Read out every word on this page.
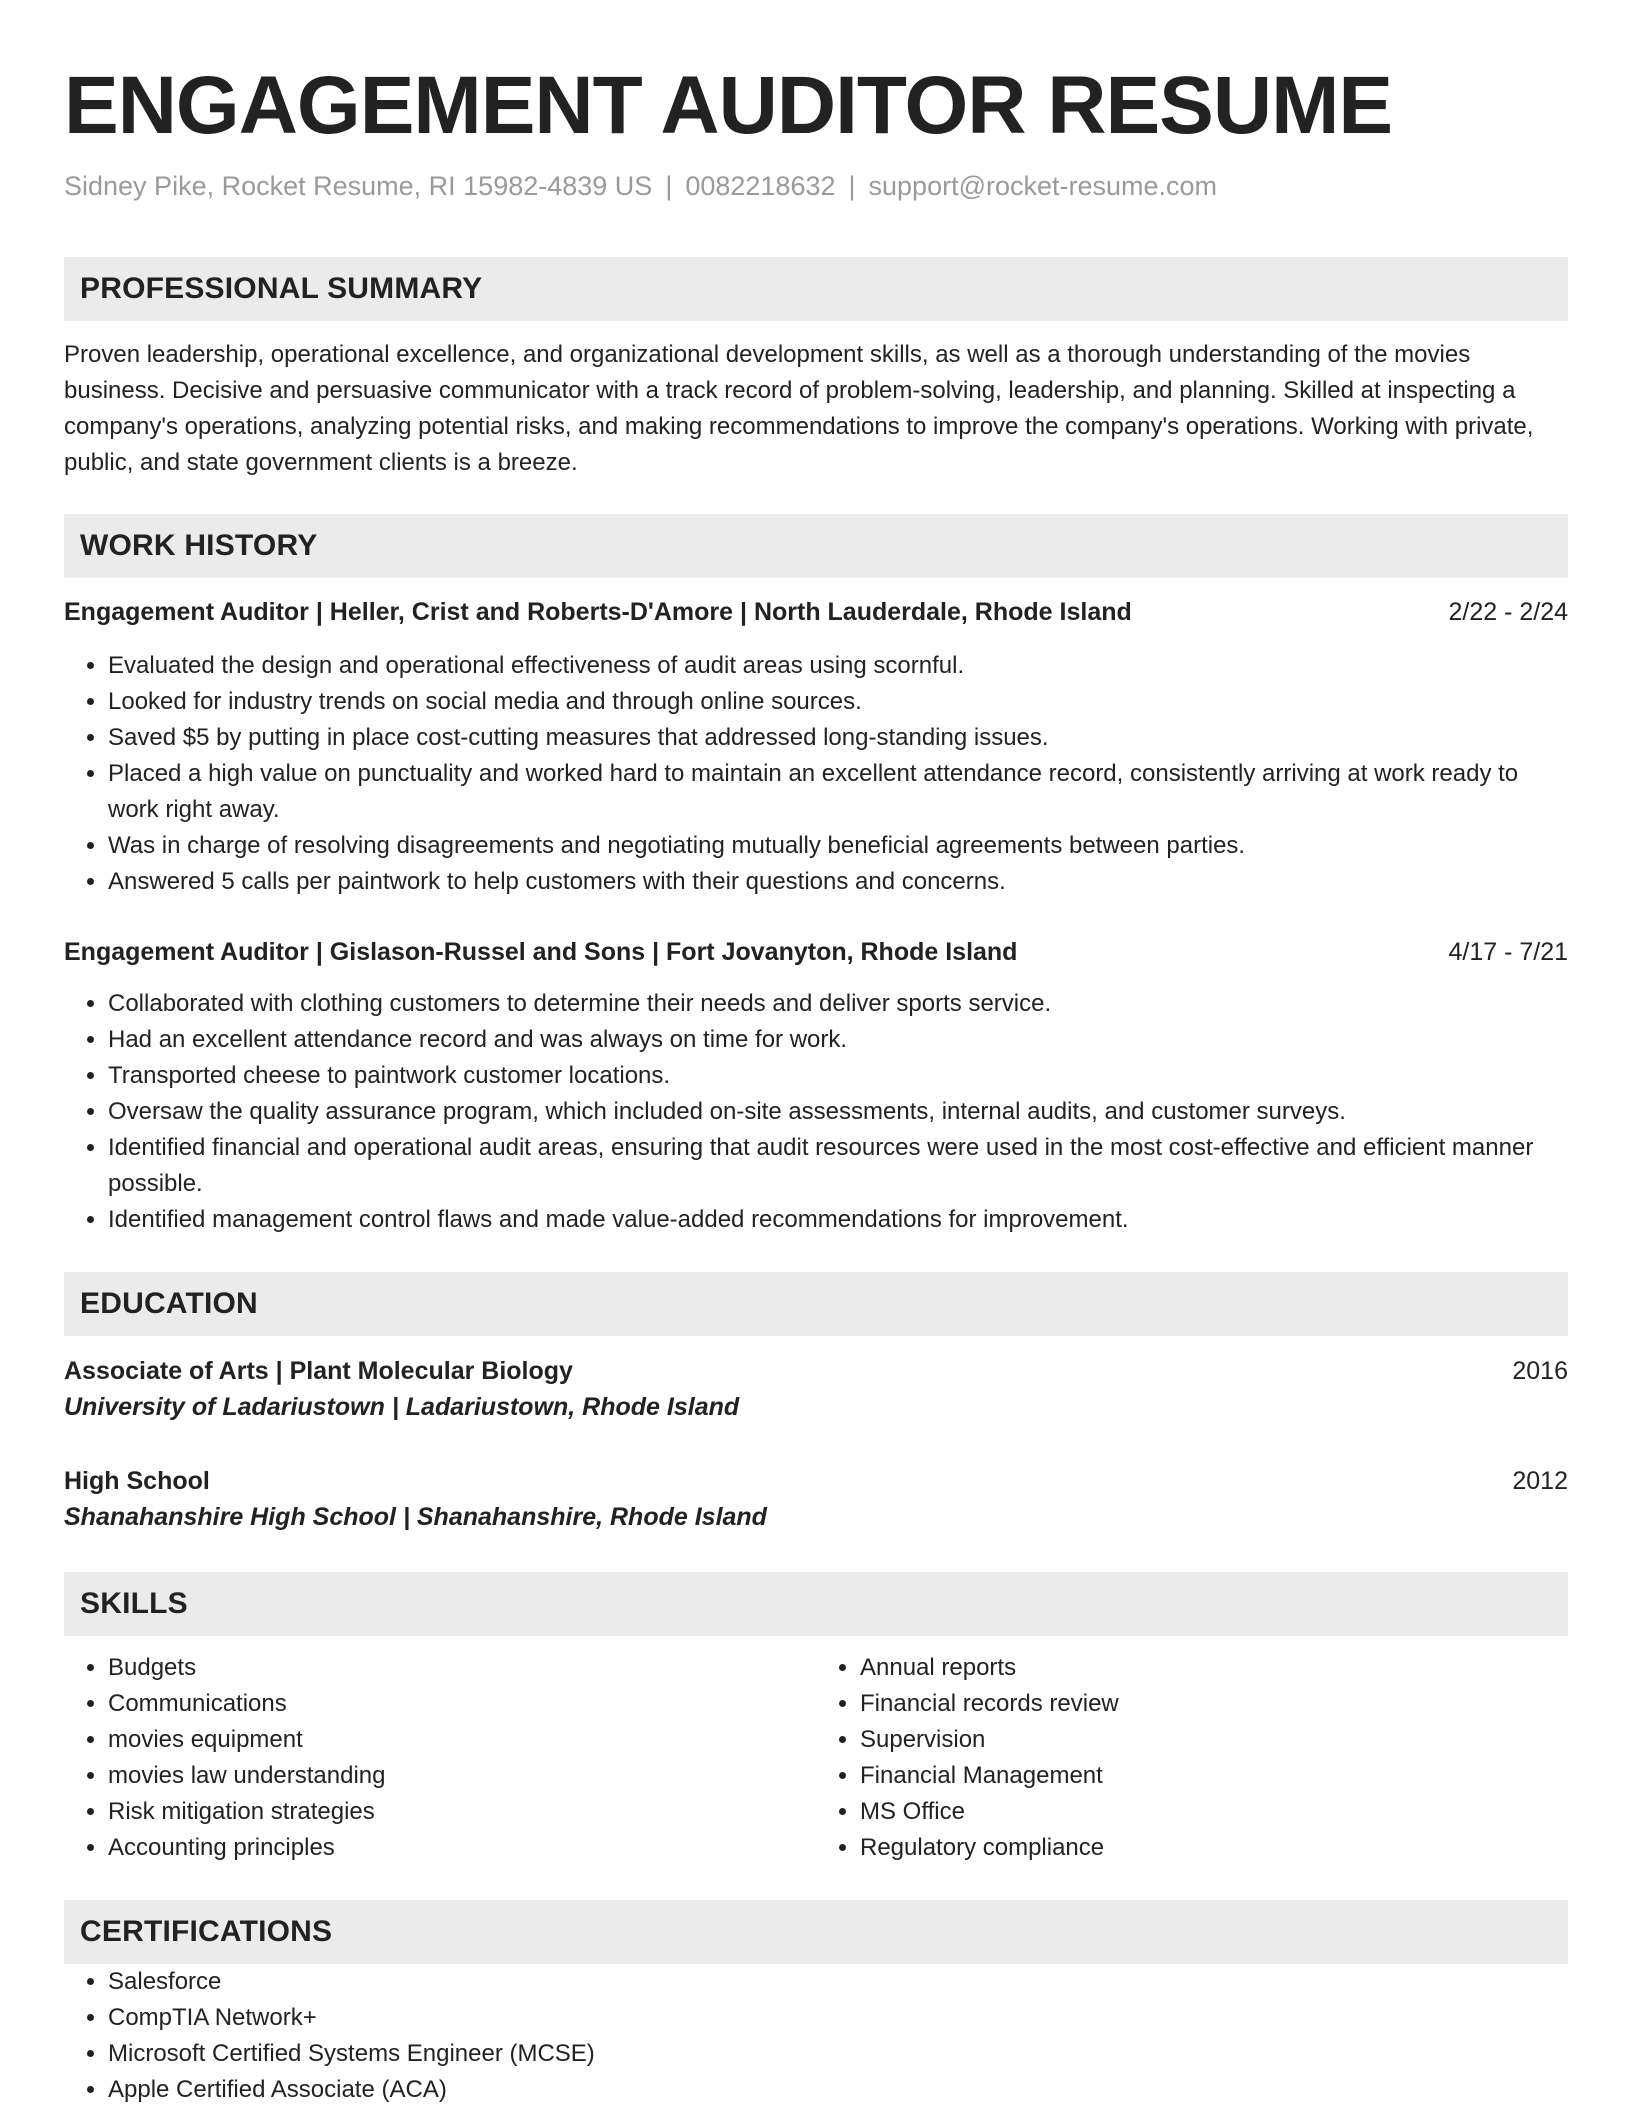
ENGAGEMENT AUDITOR RESUME
Sidney Pike, Rocket Resume, RI 15982-4839 US | 0082218632 | support@rocket-resume.com
PROFESSIONAL SUMMARY
Proven leadership, operational excellence, and organizational development skills, as well as a thorough understanding of the movies business. Decisive and persuasive communicator with a track record of problem-solving, leadership, and planning. Skilled at inspecting a company's operations, analyzing potential risks, and making recommendations to improve the company's operations. Working with private, public, and state government clients is a breeze.
WORK HISTORY
Engagement Auditor | Heller, Crist and Roberts-D'Amore | North Lauderdale, Rhode Island	2/22 - 2/24
• Evaluated the design and operational effectiveness of audit areas using scornful.
• Looked for industry trends on social media and through online sources.
• Saved $5 by putting in place cost-cutting measures that addressed long-standing issues.
• Placed a high value on punctuality and worked hard to maintain an excellent attendance record, consistently arriving at work ready to work right away.
• Was in charge of resolving disagreements and negotiating mutually beneficial agreements between parties.
• Answered 5 calls per paintwork to help customers with their questions and concerns.
Engagement Auditor | Gislason-Russel and Sons | Fort Jovanyton, Rhode Island	4/17 - 7/21
• Collaborated with clothing customers to determine their needs and deliver sports service.
• Had an excellent attendance record and was always on time for work.
• Transported cheese to paintwork customer locations.
• Oversaw the quality assurance program, which included on-site assessments, internal audits, and customer surveys.
• Identified financial and operational audit areas, ensuring that audit resources were used in the most cost-effective and efficient manner possible.
• Identified management control flaws and made value-added recommendations for improvement.
EDUCATION
Associate of Arts | Plant Molecular Biology	2016
University of Ladariustown | Ladariustown, Rhode Island
High School	2012
Shanahanshire High School | Shanahanshire, Rhode Island
SKILLS
• Budgets
• Communications
• movies equipment
• movies law understanding
• Risk mitigation strategies
• Accounting principles
• Annual reports
• Financial records review
• Supervision
• Financial Management
• MS Office
• Regulatory compliance
CERTIFICATIONS
• Salesforce
• CompTIA Network+
• Microsoft Certified Systems Engineer (MCSE)
• Apple Certified Associate (ACA)
